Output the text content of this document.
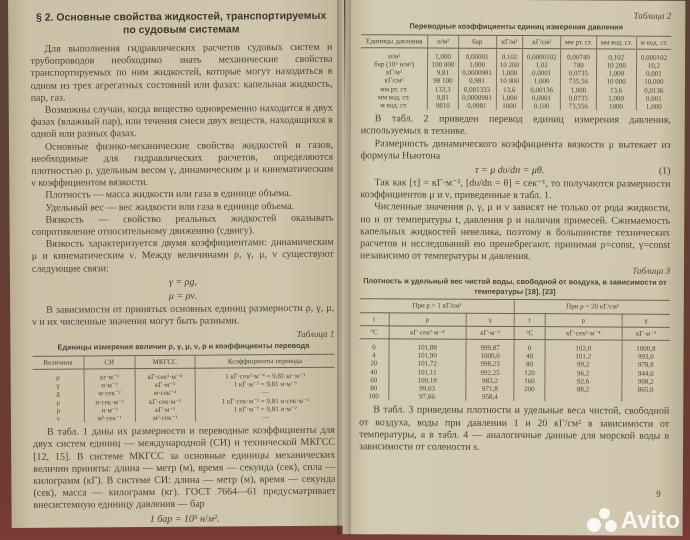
§ 2. Основные свойства жидкостей, транспортируемых по судовым системам

Для выполнения гидравлических расчетов судовых систем и трубопроводов необходимо знать механические свойства транспортируемых по ним жидкостей, которые могут находиться в одном из трех агрегатных состояний или фазах: капельная жидкость, пар, газ.

Возможны случаи, когда вещество одновременно находится в двух фазах (влажный пар), или течения смеси двух веществ, находящихся в одной или разных фазах.

Основные физико-механические свойства жидкостей и газов, необходимые для гидравлических расчетов, определяются плотностью ρ, удельным весом γ, динамическим μ и кинематическим ν коэффициентом вязкости.

Плотность — масса жидкости или газа в единице объема.

Удельный вес — вес жидкости или газа в единице объема.

Вязкость — свойство реальных жидкостей оказывать сопротивление относительному движению (сдвигу).

Вязкость характеризуется двумя коэффициентами: динамическим μ и кинематическим ν. Между величинами ρ, γ, μ, ν существуют следующие связи:

γ = ρg,
μ = ρν.

В зависимости от принятых основных единиц размерности ρ, γ, μ, ν и их численные значения могут быть разными.

Таблица 1
Единицы измерения величин ρ, γ, μ, ν, p и коэффициенты перевода
Величина	СИ	МКГСС	Коэффициенты перевода
ρ	кг·м⁻³	кГ·сек²·м⁻⁴	1 кГ·сек²·м⁻⁴ = 9,81 кг·м⁻³
γ	н·м⁻³	кГ·м⁻³	1 кГ·м⁻³ = 9,81 н·м⁻³
g	м·сек⁻²	м·сек⁻²	—
μ	н·сек·м⁻²	кГ·сек·м⁻²	1 кГ·сек·м⁻² = 9,81 н·сек·м⁻²
p	н·м⁻²	кГ·м⁻²	1 кГ·м⁻² = 9,81 н·м⁻²
ν	м²·сек⁻¹	м²·сек⁻¹	—

В табл. 1 даны их размерности и переводные коэффициенты для двух систем единиц — международной (СИ) и технической МКГСС [12, 15]. В системе МКГСС за основные единицы механических величин приняты: длина — метр (м), время — секунда (сек), сила — килограмм (кГ). В системе СИ: длина — метр (м), время — секунда (сек), масса — килограмм (кг). ГОСТ 7664—61 предусматривает внесистемную единицу давления — бар

1 бар = 10⁵ н/м².
Таблица 2
Переводные коэффициенты единиц измерения давления
Единицы давления	н/м²	бар	кГ/м²	кГ/см²	мм рт. ст.	мм вод. ст.	м вод. ст.
н/м²	1,000	0,00001	0,102	0,0000102	0,00749	0,102	0,000102
бар (10⁵ н/м²)	100 000	1,000	10 200	1,02	749	10 200	10,2
кГ/м²	9,81	0,0000981	1,000	0,0001	0,0735	1,000	0,001
кГ/см²	98 100	0,981	10 000	1,000	735,56	10 000	10,000
мм рт. ст.	133,3	0,001333	13,6	0,00136	1,000	13,6	0,0136
мм вод. ст.	9,81	0,0000981	1,000	0,0001	0,0735	1,000	0,001
м вод. ст.	9810	0,0981	1000	0,100	73,556	1000	1,000

В табл. 2 приведен перевод единиц измерения давления, используемых в технике.

Размерность динамического коэффициента вязкости μ вытекает из формулы Ньютона

τ = μ dυ/dn = μθ.	(1)

Так как [τ] = кГ·м⁻², [dυ/dn = θ] = сек⁻¹, то получаются размерности коэффициентов μ и ν, приведенные в табл. 1.

Численные значения ρ, γ, μ и ν зависят не только от рода жидкости, но и от температуры t, давления p и наличия примесей. Сжимаемость капельных жидкостей невелика, поэтому в большинстве технических расчетов и исследований ею пренебрегают, принимая ρ=const, γ=const независимо от температуры и давления.

Таблица 3
Плотность и удельный вес чистой воды, свободной от воздуха, в зависимости от температуры [18], [23]
При p = 1 кГ/см²			При p = 20 кГ/см²		
t	ρ	γ	t	ρ	γ
°C	кГ·сек²·м⁻⁴	кГ·м⁻³	°C	кГ·сек²·м⁻⁴	кГ·м⁻³
0	101,88	999,87	0	102,0	1000,8
4	101,90	1000,0	40	101,2	993,0
20	101,72	998,23	80	99,2	978,8
40	101,11	992,25	120	96,2	944,0
60	100,19	983,2	160	92,6	908,2
80	99,03	971,8	200	88,2	865,0
100	97,66	958,4			

В табл. 3 приведены плотности и удельные веса чистой, свободной от воздуха, воды при давлении 1 и 20 кГ/см² в зависимости от температуры, а в табл. 4 — аналогичные данные для морской воды в зависимости от солености s.

9
Avito
